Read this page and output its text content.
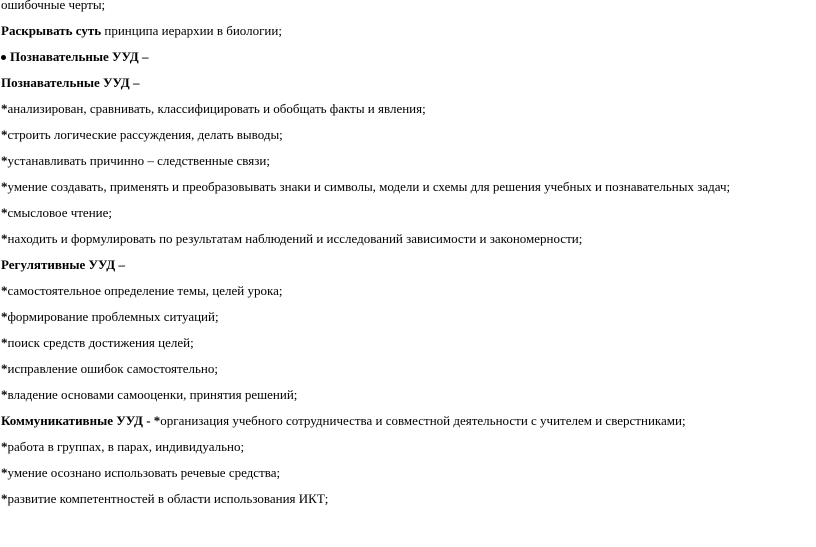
ошибочные черты;
Раскрывать суть принципа иерархии в биологии;
Познавательные УУД –
Познавательные УУД –
*анализирован, сравнивать, классифицировать и обобщать факты и явления;
*строить логические рассуждения, делать выводы;
*устанавливать причинно – следственные связи;
*умение создавать, применять и преобразовывать знаки и символы, модели и схемы для решения учебных и познавательных задач;
*смысловое чтение;
*находить и формулировать по результатам наблюдений и исследований зависимости и закономерности;
Регулятивные УУД –
*самостоятельное определение темы, целей урока;
*формирование проблемных ситуаций;
*поиск средств достижения целей;
*исправление ошибок самостоятельно;
*владение основами самооценки, принятия решений;
Коммуникативные УУД - *организация учебного сотрудничества и совместной деятельности с учителем и сверстниками;
*работа в группах, в парах, индивидуально;
*умение осознано использовать речевые средства;
*развитие компетентностей в области использования ИКТ;
